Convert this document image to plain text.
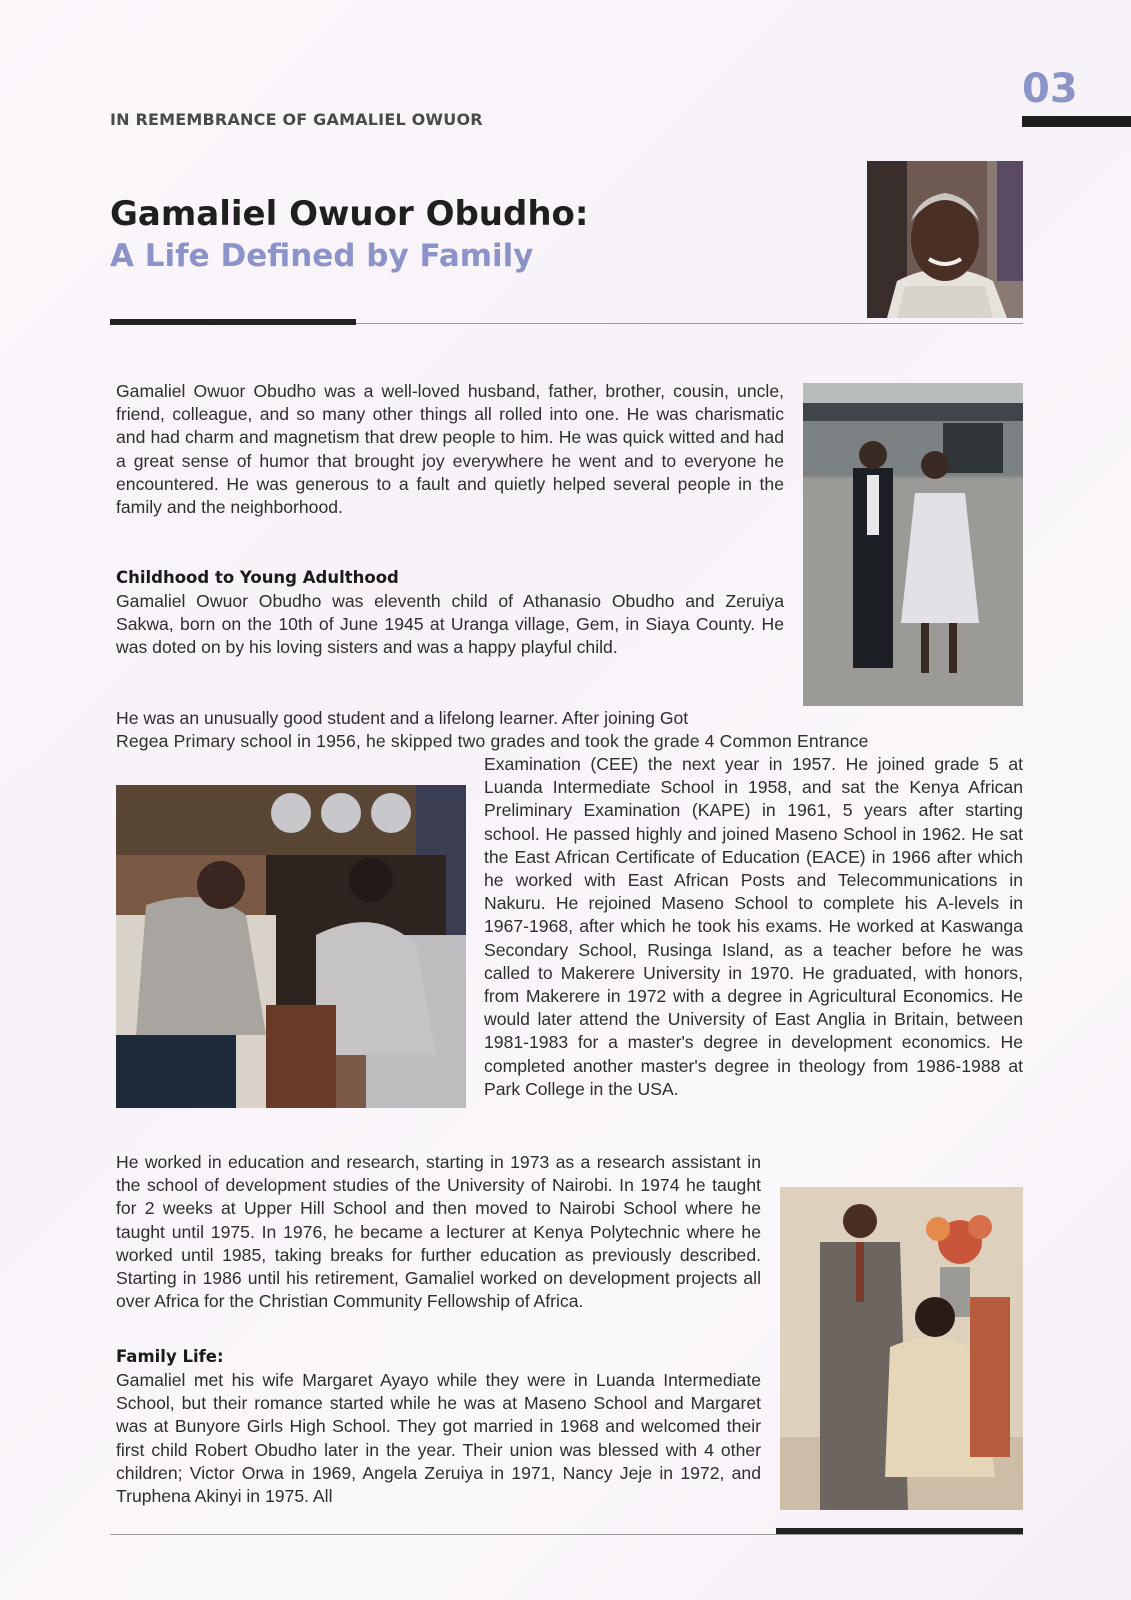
IN REMEMBRANCE OF GAMALIEL OWUOR
03
Gamaliel Owuor Obudho:
A Life Defined by Family

Gamaliel Owuor Obudho was a well-loved husband, father, brother, cousin, uncle, friend, colleague, and so many other things all rolled into one. He was charismatic and had charm and magnetism that drew people to him. He was quick witted and had a great sense of humor that brought joy everywhere he went and to everyone he encountered. He was generous to a fault and quietly helped several people in the family and the neighborhood.

Childhood to Young Adulthood

Gamaliel Owuor Obudho was eleventh child of Athanasio Obudho and Zeruiya Sakwa, born on the 10th of June 1945 at Uranga village, Gem, in Siaya County. He was doted on by his loving sisters and was a happy playful child.

He was an unusually good student and a lifelong learner. After joining Got

Regea Primary school in 1956, he skipped two grades and took the grade 4 Common Entrance

Examination (CEE) the next year in 1957. He joined grade 5 at Luanda Intermediate School in 1958, and sat the Kenya African Preliminary Examination (KAPE) in 1961, 5 years after starting school. He passed highly and joined Maseno School in 1962. He sat the East African Certificate of Education (EACE) in 1966 after which he worked with East African Posts and Telecommunications in Nakuru. He rejoined Maseno School to complete his A-levels in 1967-1968, after which he took his exams. He worked at Kaswanga Secondary School, Rusinga Island, as a teacher before he was called to Makerere University in 1970. He graduated, with honors, from Makerere in 1972 with a degree in Agricultural Economics. He would later attend the University of East Anglia in Britain, between 1981-1983 for a master's degree in development economics. He completed another master's degree in theology from 1986-1988 at Park College in the USA.

He worked in education and research, starting in 1973 as a research assistant in the school of development studies of the University of Nairobi. In 1974 he taught for 2 weeks at Upper Hill School and then moved to Nairobi School where he taught until 1975. In 1976, he became a lecturer at Kenya Polytechnic where he worked until 1985, taking breaks for further education as previously described. Starting in 1986 until his retirement, Gamaliel worked on development projects all over Africa for the Christian Community Fellowship of Africa.

Family Life:

Gamaliel met his wife Margaret Ayayo while they were in Luanda Intermediate School, but their romance started while he was at Maseno School and Margaret was at Bunyore Girls High School. They got married in 1968 and welcomed their first child Robert Obudho later in the year. Their union was blessed with 4 other children; Victor Orwa in 1969, Angela Zeruiya in 1971, Nancy Jeje in 1972, and Truphena Akinyi in 1975. All
